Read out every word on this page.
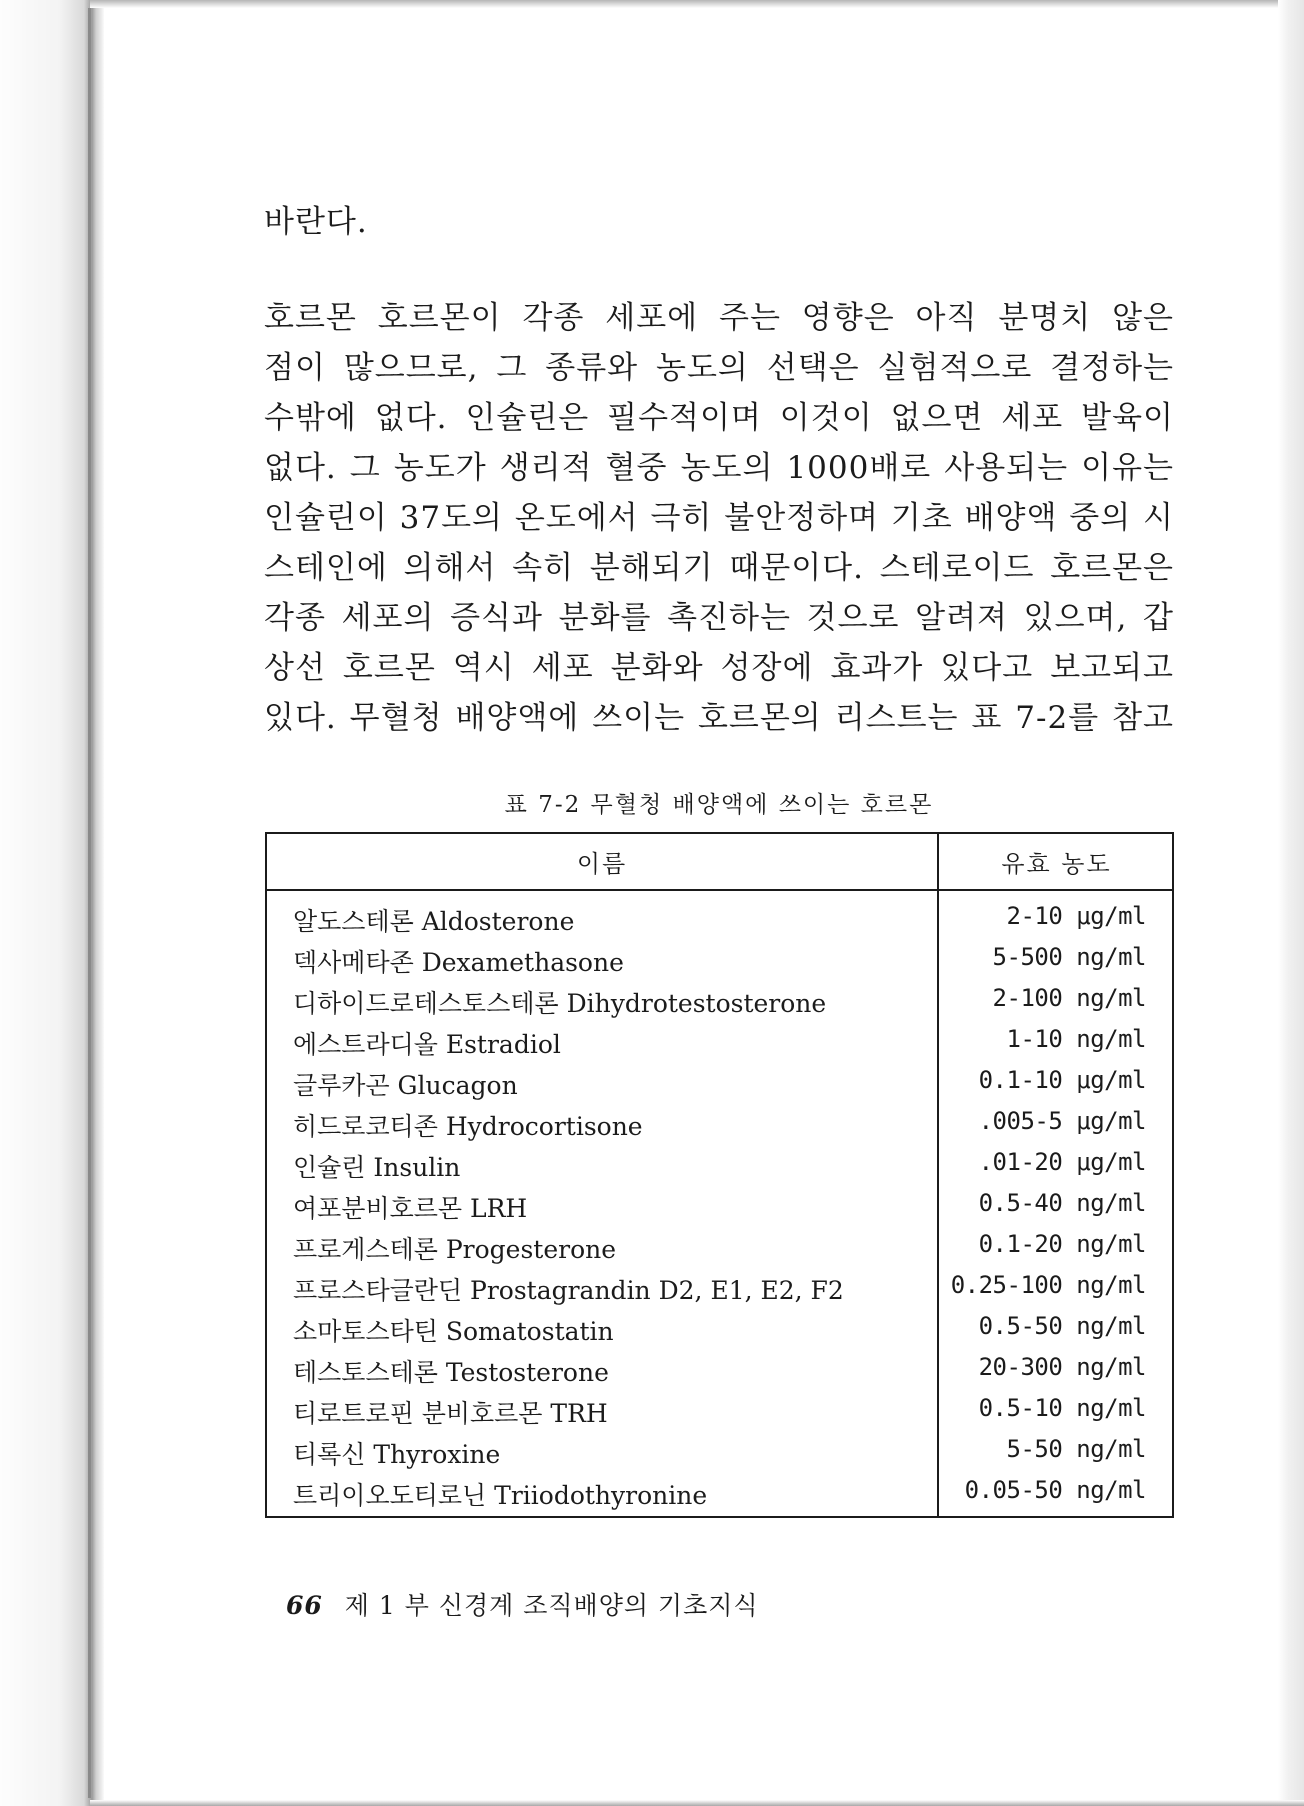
바란다.
호르몬 호르몬이 각종 세포에 주는 영향은 아직 분명치 않은
점이 많으므로, 그 종류와 농도의 선택은 실험적으로 결정하는
수밖에 없다. 인슐린은 필수적이며 이것이 없으면 세포 발육이
없다. 그 농도가 생리적 혈중 농도의 1000배로 사용되는 이유는
인슐린이 37도의 온도에서 극히 불안정하며 기초 배양액 중의 시
스테인에 의해서 속히 분해되기 때문이다. 스테로이드 호르몬은
각종 세포의 증식과 분화를 촉진하는 것으로 알려져 있으며, 갑
상선 호르몬 역시 세포 분화와 성장에 효과가 있다고 보고되고
있다. 무혈청 배양액에 쓰이는 호르몬의 리스트는 표 7-2를 참고
표 7-2 무혈청 배양액에 쓰이는 호르몬
이름	유효 농도
알도스테론 Aldosterone	2-10 μg/ml
덱사메타존 Dexamethasone	5-500 ng/ml
디하이드로테스토스테론 Dihydrotestosterone	2-100 ng/ml
에스트라디올 Estradiol	1-10 ng/ml
글루카곤 Glucagon	0.1-10 μg/ml
히드로코티존 Hydrocortisone	.005-5 μg/ml
인슐린 Insulin	.01-20 μg/ml
여포분비호르몬 LRH	0.5-40 ng/ml
프로게스테론 Progesterone	0.1-20 ng/ml
프로스타글란딘 Prostagrandin D2, E1, E2, F2	0.25-100 ng/ml
소마토스타틴 Somatostatin	0.5-50 ng/ml
테스토스테론 Testosterone	20-300 ng/ml
티로트로핀 분비호르몬 TRH	0.5-10 ng/ml
티록신 Thyroxine	5-50 ng/ml
트리이오도티로닌 Triiodothyronine	0.05-50 ng/ml
66 제 1 부 신경계 조직배양의 기초지식
